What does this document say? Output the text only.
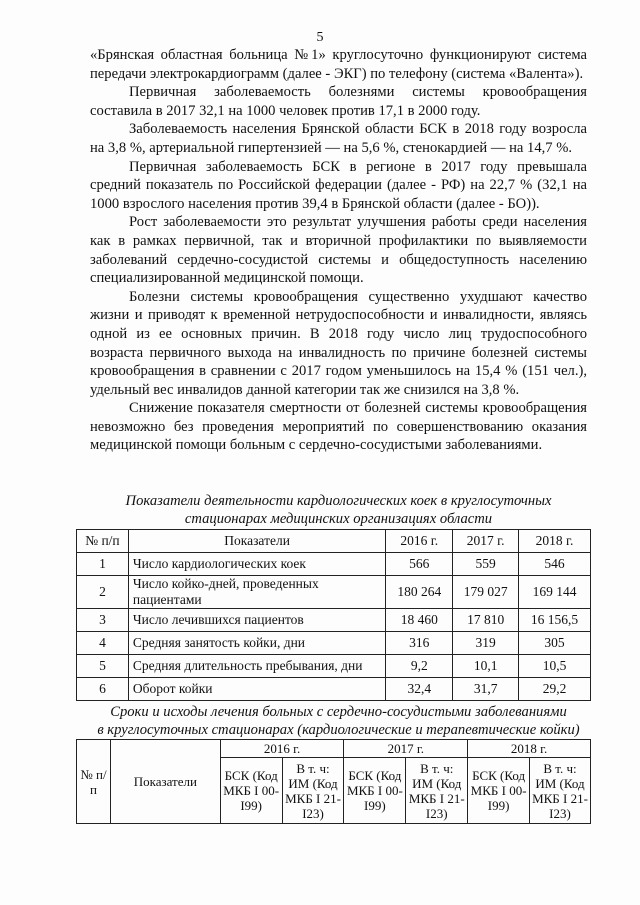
5

«Брянская областная больница №1» круглосуточно функционируют система передачи электрокардиограмм (далее - ЭКГ) по телефону (система «Валента»).

Первичная заболеваемость болезнями системы кровообращения составила в 2017 32,1 на 1000 человек против 17,1 в 2000 году.

Заболеваемость населения Брянской области БСК в 2018 году возросла на 3,8 %, артериальной гипертензией — на 5,6 %, стенокардией — на 14,7 %.

Первичная заболеваемость БСК в регионе в 2017 году превышала средний показатель по Российской федерации (далее - РФ) на 22,7 % (32,1 на 1000 взрослого населения против 39,4 в Брянской области (далее - БО)).

Рост заболеваемости это результат улучшения работы среди населения как в рамках первичной, так и вторичной профилактики по выявляемости заболеваний сердечно-сосудистой системы и общедоступность населению специализированной медицинской помощи.

Болезни системы кровообращения существенно ухудшают качество жизни и приводят к временной нетрудоспособности и инвалидности, являясь одной из ее основных причин. В 2018 году число лиц трудоспособного возраста первичного выхода на инвалидность по причине болезней системы кровообращения в сравнении с 2017 годом уменьшилось на 15,4 % (151 чел.), удельный вес инвалидов данной категории так же снизился на 3,8 %.

Снижение показателя смертности от болезней системы кровообращения невозможно без проведения мероприятий по совершенствованию оказания медицинской помощи больным с сердечно-сосудистыми заболеваниями.

Показатели деятельности кардиологических коек в круглосуточных
стационарах медицинских организациях области
№ п/п	Показатели	2016 г.	2017 г.	2018 г.
1	Число кардиологических коек	566	559	546
2	Число койко-дней, проведенных пациентами	180 264	179 027	169 144
3	Число лечившихся пациентов	18 460	17 810	16 156,5
4	Средняя занятость койки, дни	316	319	305
5	Средняя длительность пребывания, дни	9,2	10,1	10,5
6	Оборот койки	32,4	31,7	29,2
Сроки и исходы лечения больных с сердечно-сосудистыми заболеваниями
в круглосуточных стационарах (кардиологические и терапевтические койки)
№ п/п	Показатели	2016 г.		2017 г.		2018 г.	
		БСК (Код МКБ I 00-I99)	В т. ч: ИМ (Код МКБ I 21-I23)	БСК (Код МКБ I 00-I99)	В т. ч: ИМ (Код МКБ I 21-I23)	БСК (Код МКБ I 00-I99)	В т. ч: ИМ (Код МКБ I 21-I23)
